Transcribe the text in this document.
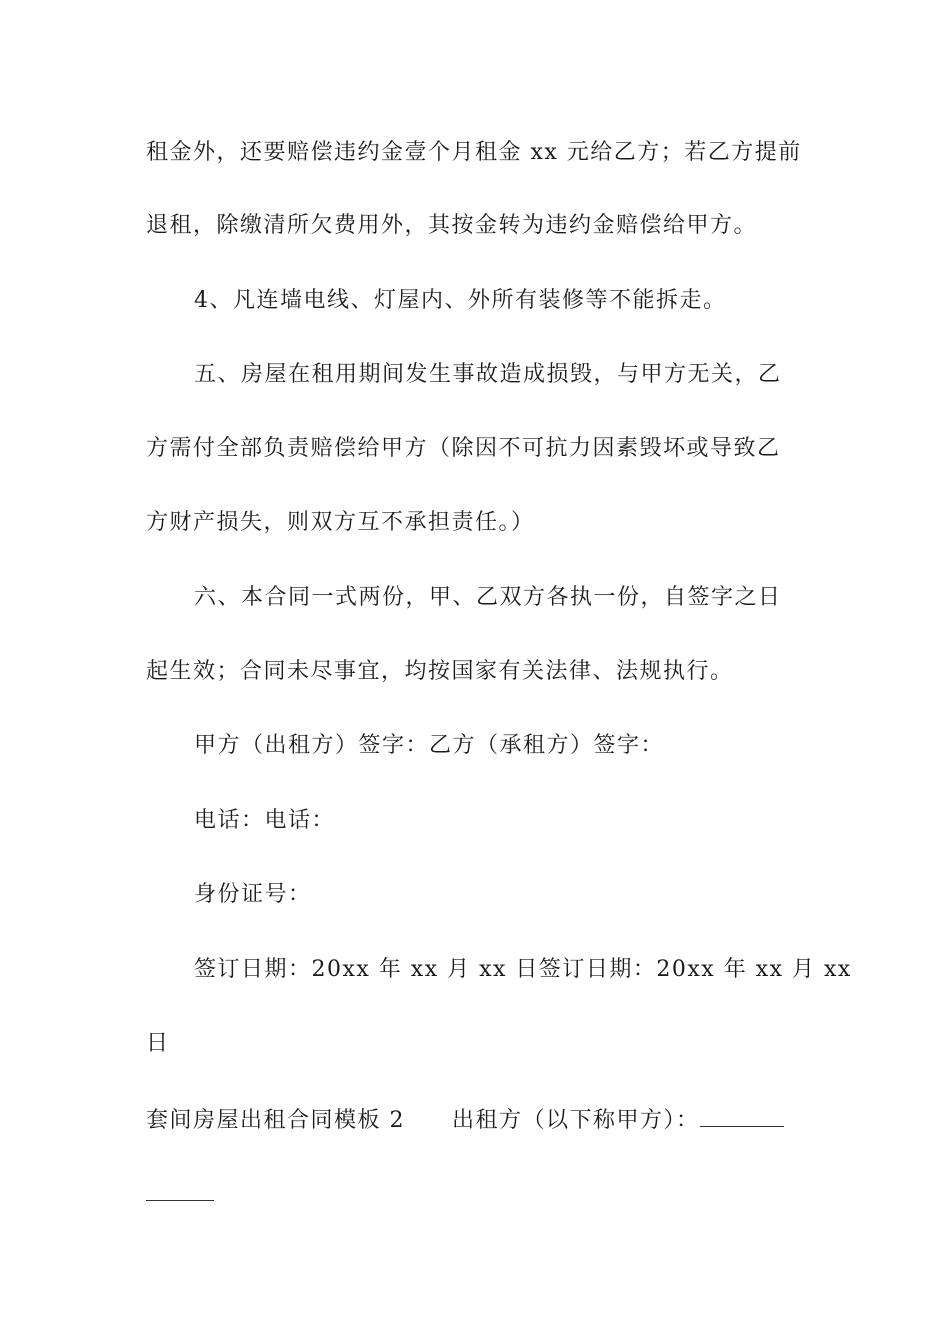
租金外，还要赔偿违约金壹个月租金 xx 元给乙方；若乙方提前
退租，除缴清所欠费用外，其按金转为违约金赔偿给甲方。
4、凡连墙电线、灯屋内、外所有装修等不能拆走。
五、房屋在租用期间发生事故造成损毁，与甲方无关，乙
方需付全部负责赔偿给甲方（除因不可抗力因素毁坏或导致乙
方财产损失，则双方互不承担责任。）
六、本合同一式两份，甲、乙双方各执一份，自签字之日
起生效；合同未尽事宜，均按国家有关法律、法规执行。
甲方（出租方）签字：乙方（承租方）签字：
电话：电话：
身份证号：
签订日期：20xx 年 xx 月 xx 日签订日期：20xx 年 xx 月 xx
日
套间房屋出租合同模板 2　　出租方（以下称甲方）：
